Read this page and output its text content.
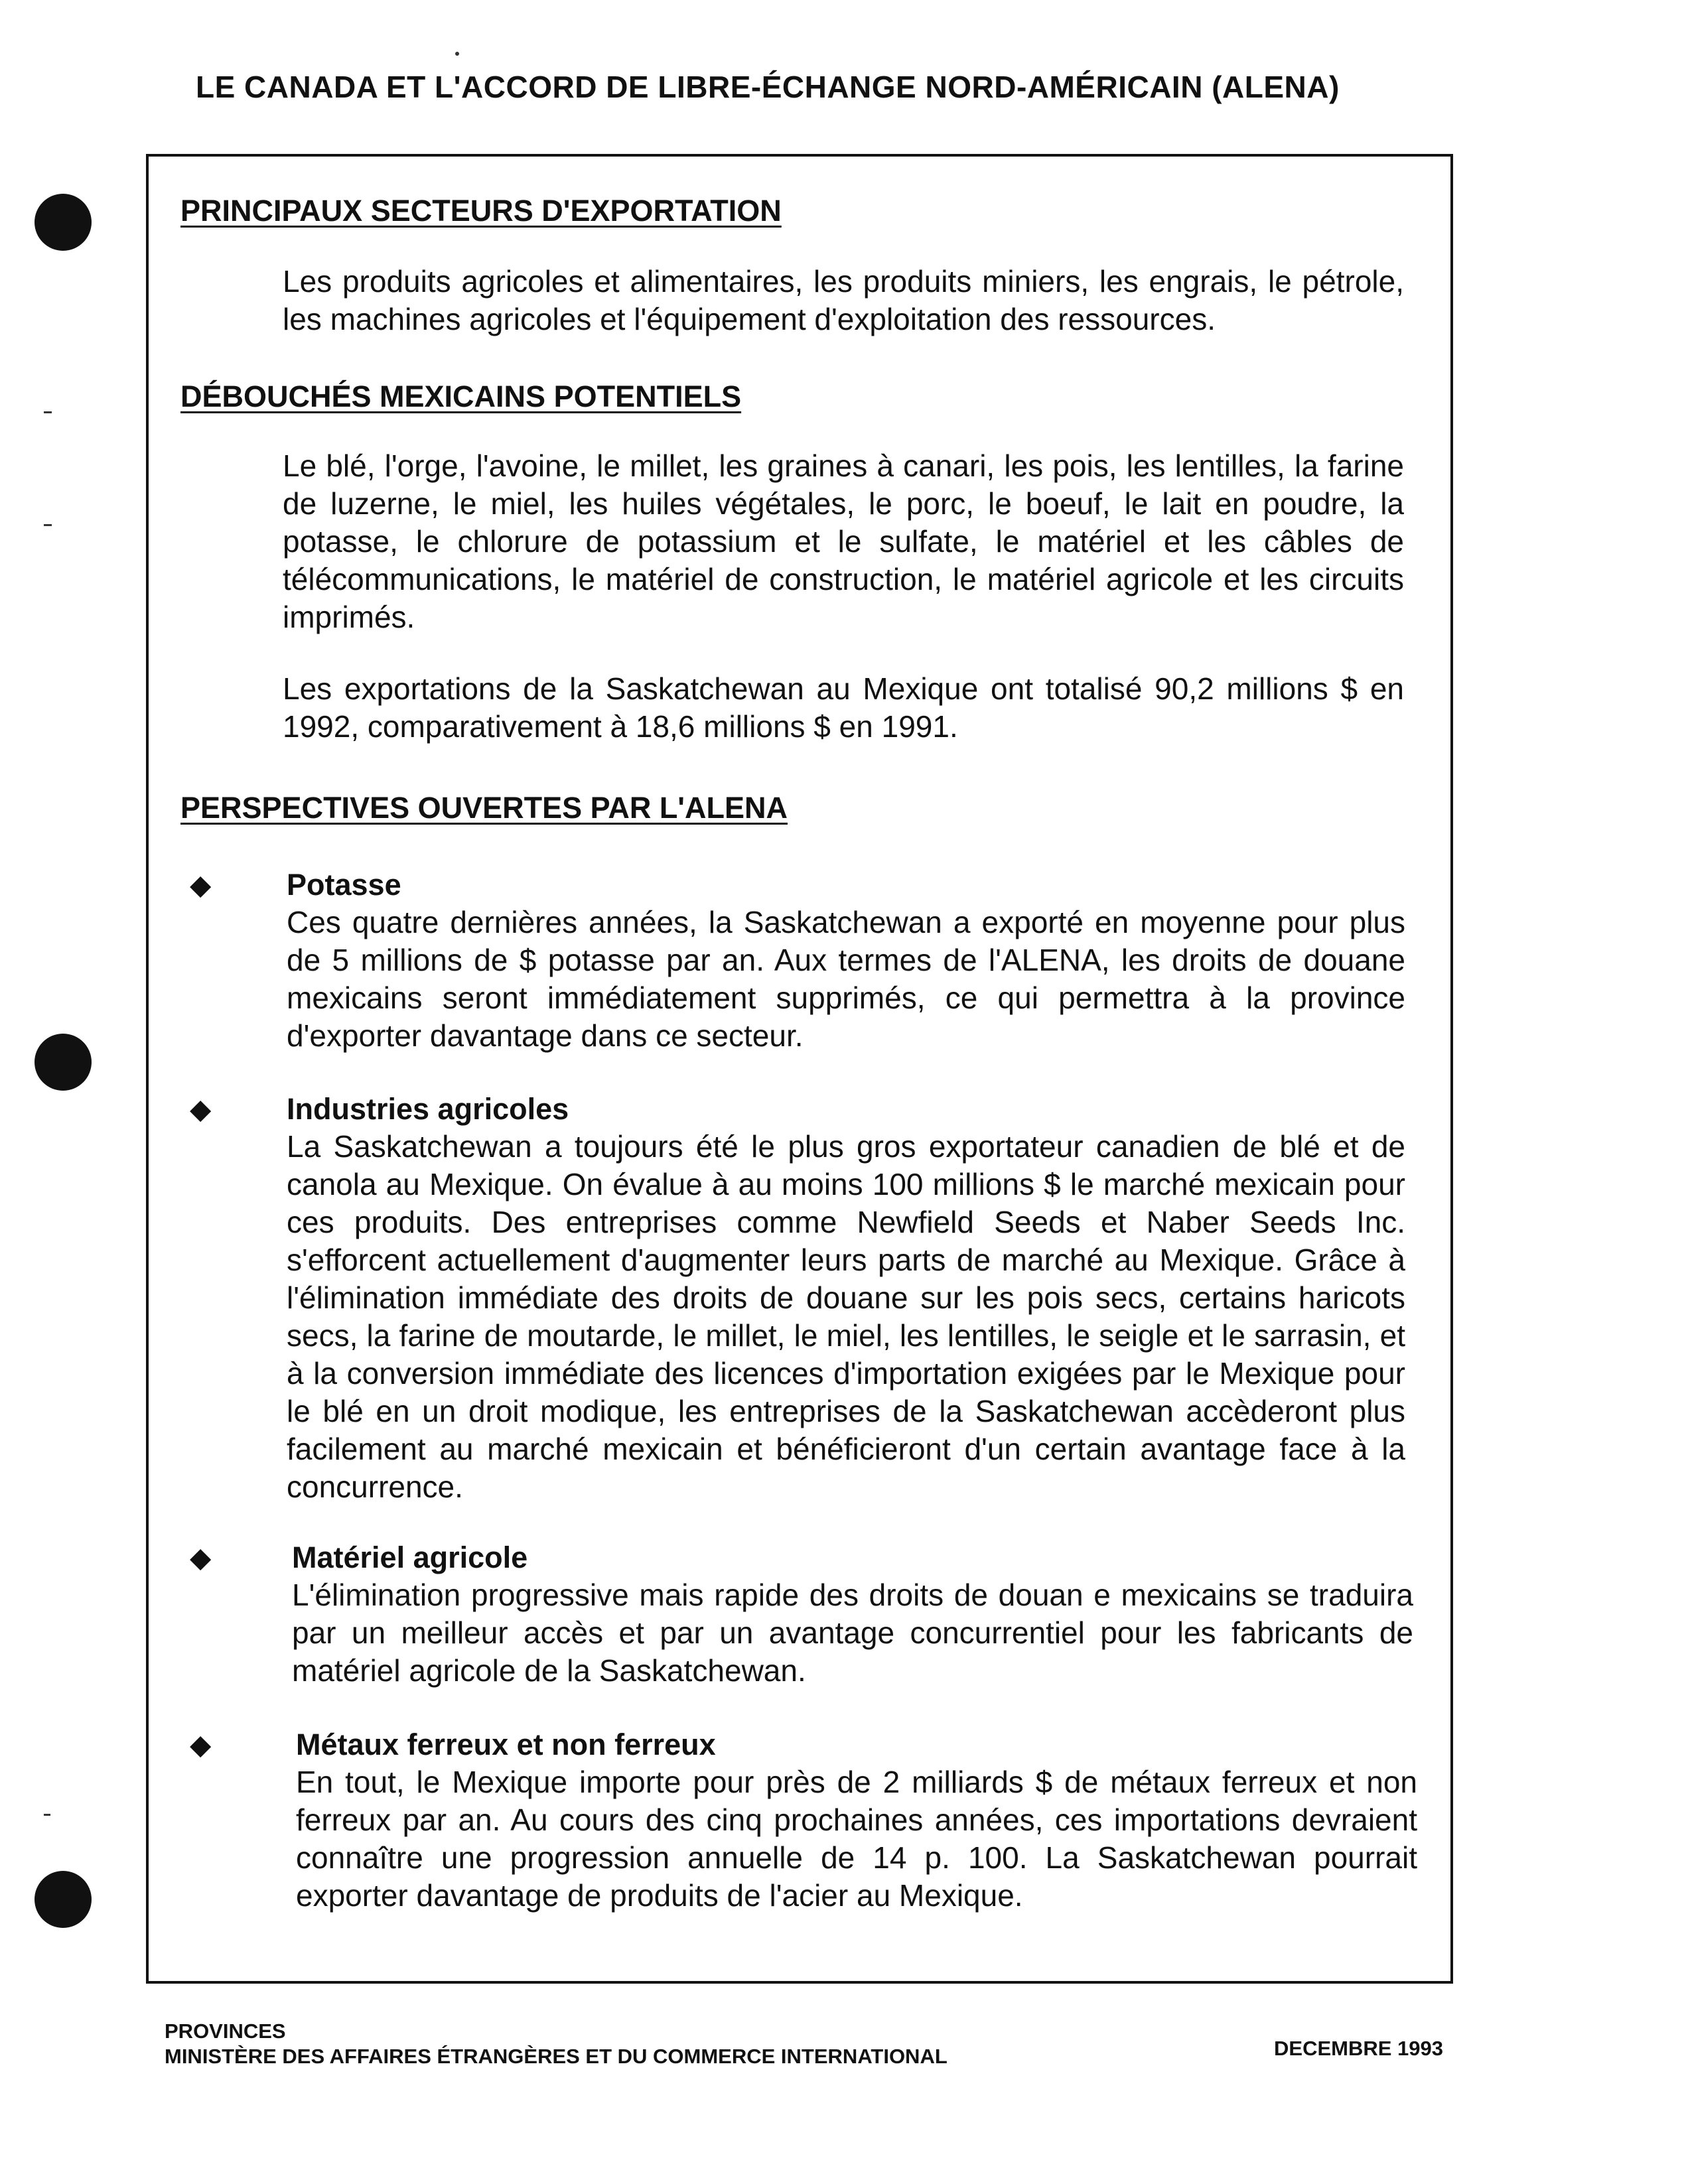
LE CANADA ET L'ACCORD DE LIBRE-ÉCHANGE NORD-AMÉRICAIN (ALENA)
PRINCIPAUX SECTEURS D'EXPORTATION
Les produits agricoles et alimentaires, les produits miniers, les engrais, le pétrole, les machines agricoles et l'équipement d'exploitation des ressources.
DÉBOUCHÉS MEXICAINS POTENTIELS
Le blé, l'orge, l'avoine, le millet, les graines à canari, les pois, les lentilles, la farine de luzerne, le miel, les huiles végétales, le porc, le boeuf, le lait en poudre, la potasse, le chlorure de potassium et le sulfate, le matériel et les câbles de télécommunications, le matériel de construction, le matériel agricole et les circuits imprimés.
Les exportations de la Saskatchewan au Mexique ont totalisé 90,2 millions $ en 1992, comparativement à 18,6 millions $ en 1991.
PERSPECTIVES OUVERTES PAR L'ALENA
◆	Potasse
Ces quatre dernières années, la Saskatchewan a exporté en moyenne pour plus de 5 millions de $ potasse par an. Aux termes de l'ALENA, les droits de douane mexicains seront immédiatement supprimés, ce qui permettra à la province d'exporter davantage dans ce secteur.
◆	Industries agricoles
La Saskatchewan a toujours été le plus gros exportateur canadien de blé et de canola au Mexique. On évalue à au moins 100 millions $ le marché mexicain pour ces produits. Des entreprises comme Newfield Seeds et Naber Seeds Inc. s'efforcent actuellement d'augmenter leurs parts de marché au Mexique. Grâce à l'élimination immédiate des droits de douane sur les pois secs, certains haricots secs, la farine de moutarde, le millet, le miel, les lentilles, le seigle et le sarrasin, et à la conversion immédiate des licences d'importation exigées par le Mexique pour le blé en un droit modique, les entreprises de la Saskatchewan accèderont plus facilement au marché mexicain et bénéficieront d'un certain avantage face à la concurrence.
◆	Matériel agricole
L'élimination progressive mais rapide des droits de douan e mexicains se traduira par un meilleur accès et par un avantage concurrentiel pour les fabricants de matériel agricole de la Saskatchewan.
◆	Métaux ferreux et non ferreux
En tout, le Mexique importe pour près de 2 milliards $ de métaux ferreux et non ferreux par an. Au cours des cinq prochaines années, ces importations devraient connaître une progression annuelle de 14 p. 100. La Saskatchewan pourrait exporter davantage de produits de l'acier au Mexique.
PROVINCES
MINISTÈRE DES AFFAIRES ÉTRANGÈRES ET DU COMMERCE INTERNATIONAL	DECEMBRE 1993
